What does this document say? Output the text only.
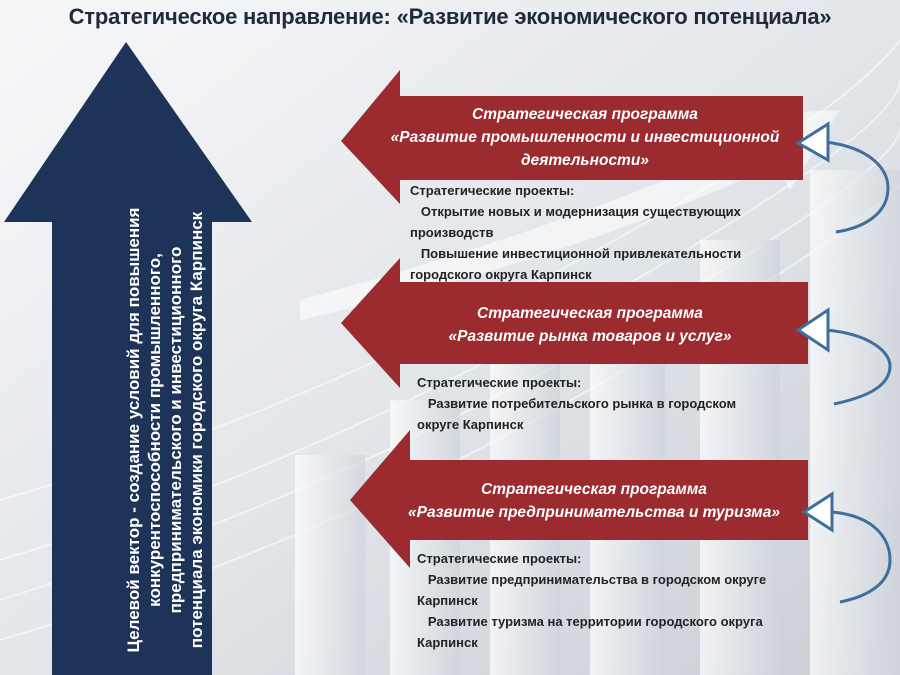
Стратегическое направление: «Развитие экономического потенциала»
Целевой вектор - создание условий для повышения конкурентоспособности промышленного, предпринимательского и инвестиционного потенциала экономики городского округа Карпинск
Стратегическая программа
«Развитие промышленности и инвестиционной
деятельности»
Стратегические проекты:
Открытие новых и модернизация существующих
производств
Повышение инвестиционной привлекательности
городского округа Карпинск
Стратегическая программа
«Развитие рынка товаров и услуг»
Стратегические проекты:
Развитие потребительского рынка в городском
округе Карпинск
Стратегическая программа
«Развитие предпринимательства и туризма»
Стратегические проекты:
Развитие предпринимательства в городском округе
Карпинск
Развитие туризма на территории городского округа
Карпинск
